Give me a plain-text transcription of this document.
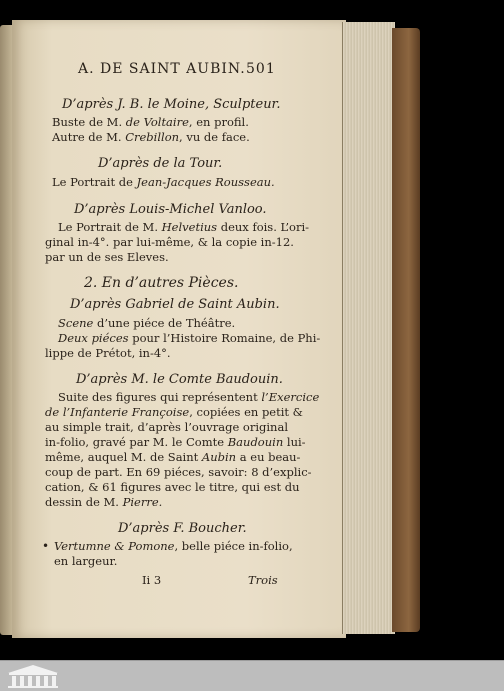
A. DE SAINT AUBIN. 501
D’après J. B. le Moine, Sculpteur.
Buste de M. de Voltaire, en profil.
Autre de M. Crebillon, vu de face.
D’après de la Tour.
Le Portrait de Jean-Jacques Rousseau.
D’après Louis-Michel Vanloo.
Le Portrait de M. Helvetius deux fois. L’ori-
ginal in-4°. par lui-même, & la copie in-12.
par un de ses Eleves.
2. En d’autres Pièces.
D’après Gabriel de Saint Aubin.
Scene d’une piéce de Théâtre.
Deux piéces pour l’Histoire Romaine, de Phi-
lippe de Prétot, in-4°.
D’après M. le Comte Baudouin.
Suite des figures qui représentent l’Exercice
de l’Infanterie Françoise, copiées en petit &
au simple trait, d’après l’ouvrage original
in-folio, gravé par M. le Comte Baudouin lui-
même, auquel M. de Saint Aubin a eu beau-
coup de part. En 69 piéces, savoir: 8 d’explic-
cation, & 61 figures avec le titre, qui est du
dessin de M. Pierre.
D’après F. Boucher.
• Vertumne & Pomone, belle piéce in-folio,
en largeur.
Ii 3	Trois
